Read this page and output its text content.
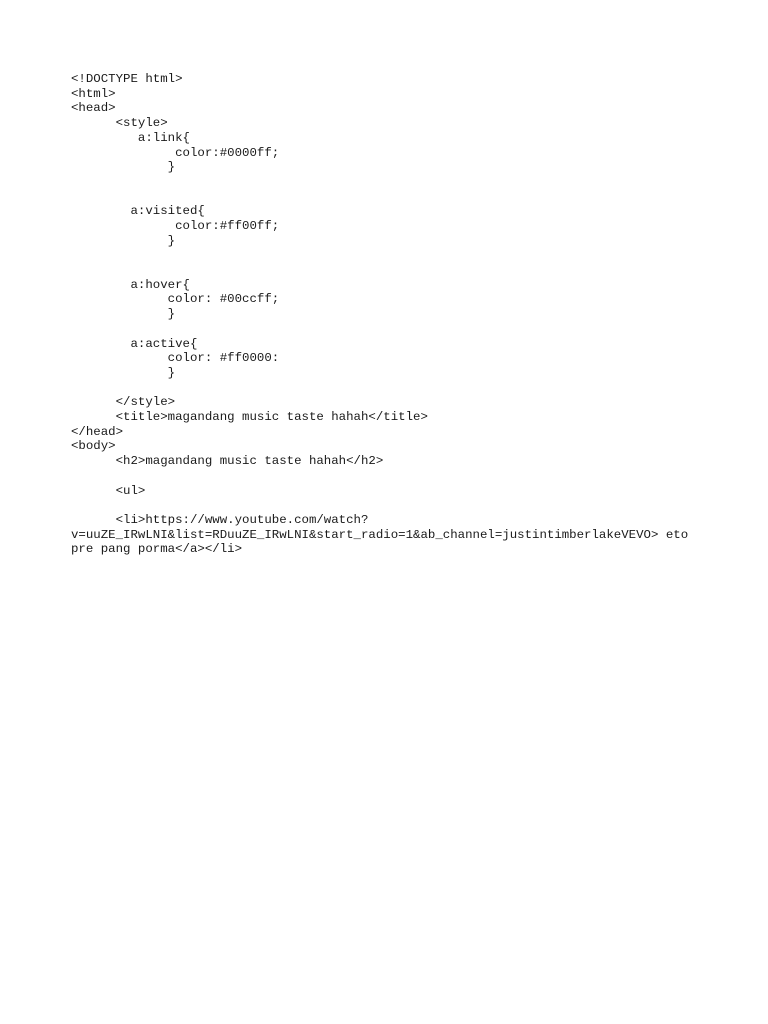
<!DOCTYPE html>
<html>
<head>
<style>
a:link{
color:#0000ff;
}
a:visited{
color:#ff00ff;
}
a:hover{
color: #00ccff;
}
a:active{
color: #ff0000:
}
</style>
<title>magandang music taste hahah</title>
</head>
<body>
<h2>magandang music taste hahah</h2>
<ul>
<li>https://www.youtube.com/watch?
v=uuZE_IRwLNI&list=RDuuZE_IRwLNI&start_radio=1&ab_channel=justintimberlakeVEVO> eto
pre pang porma</a></li>
